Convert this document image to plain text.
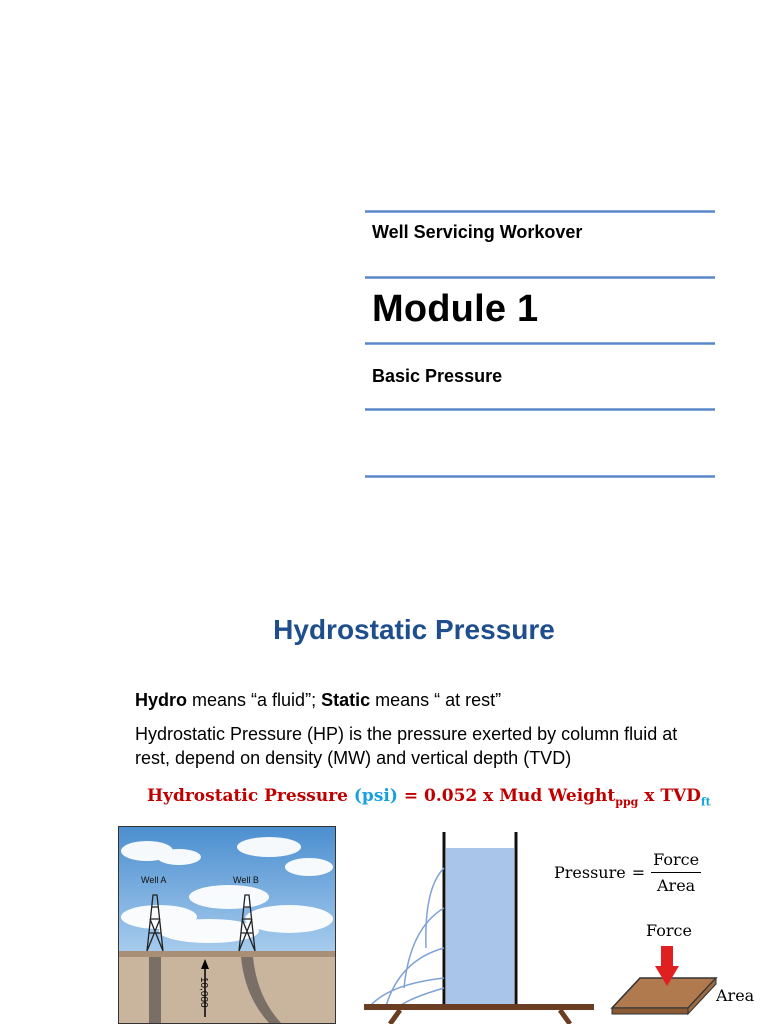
Well Servicing Workover

Module 1

Basic Pressure

Hydrostatic Pressure

Hydro means “a fluid”; Static means “ at rest”

Hydrostatic Pressure (HP) is the pressure exerted by column fluid at rest, depend on density (MW) and vertical depth (TVD)

Hydrostatic Pressure (psi) = 0.052 x Mud Weight$_{ppg}$ x $TVD_{ft}$

Well A	Well B
10,000
Pressure = $\frac{\text{Force}}{\text{Area}}$

Force

Area
